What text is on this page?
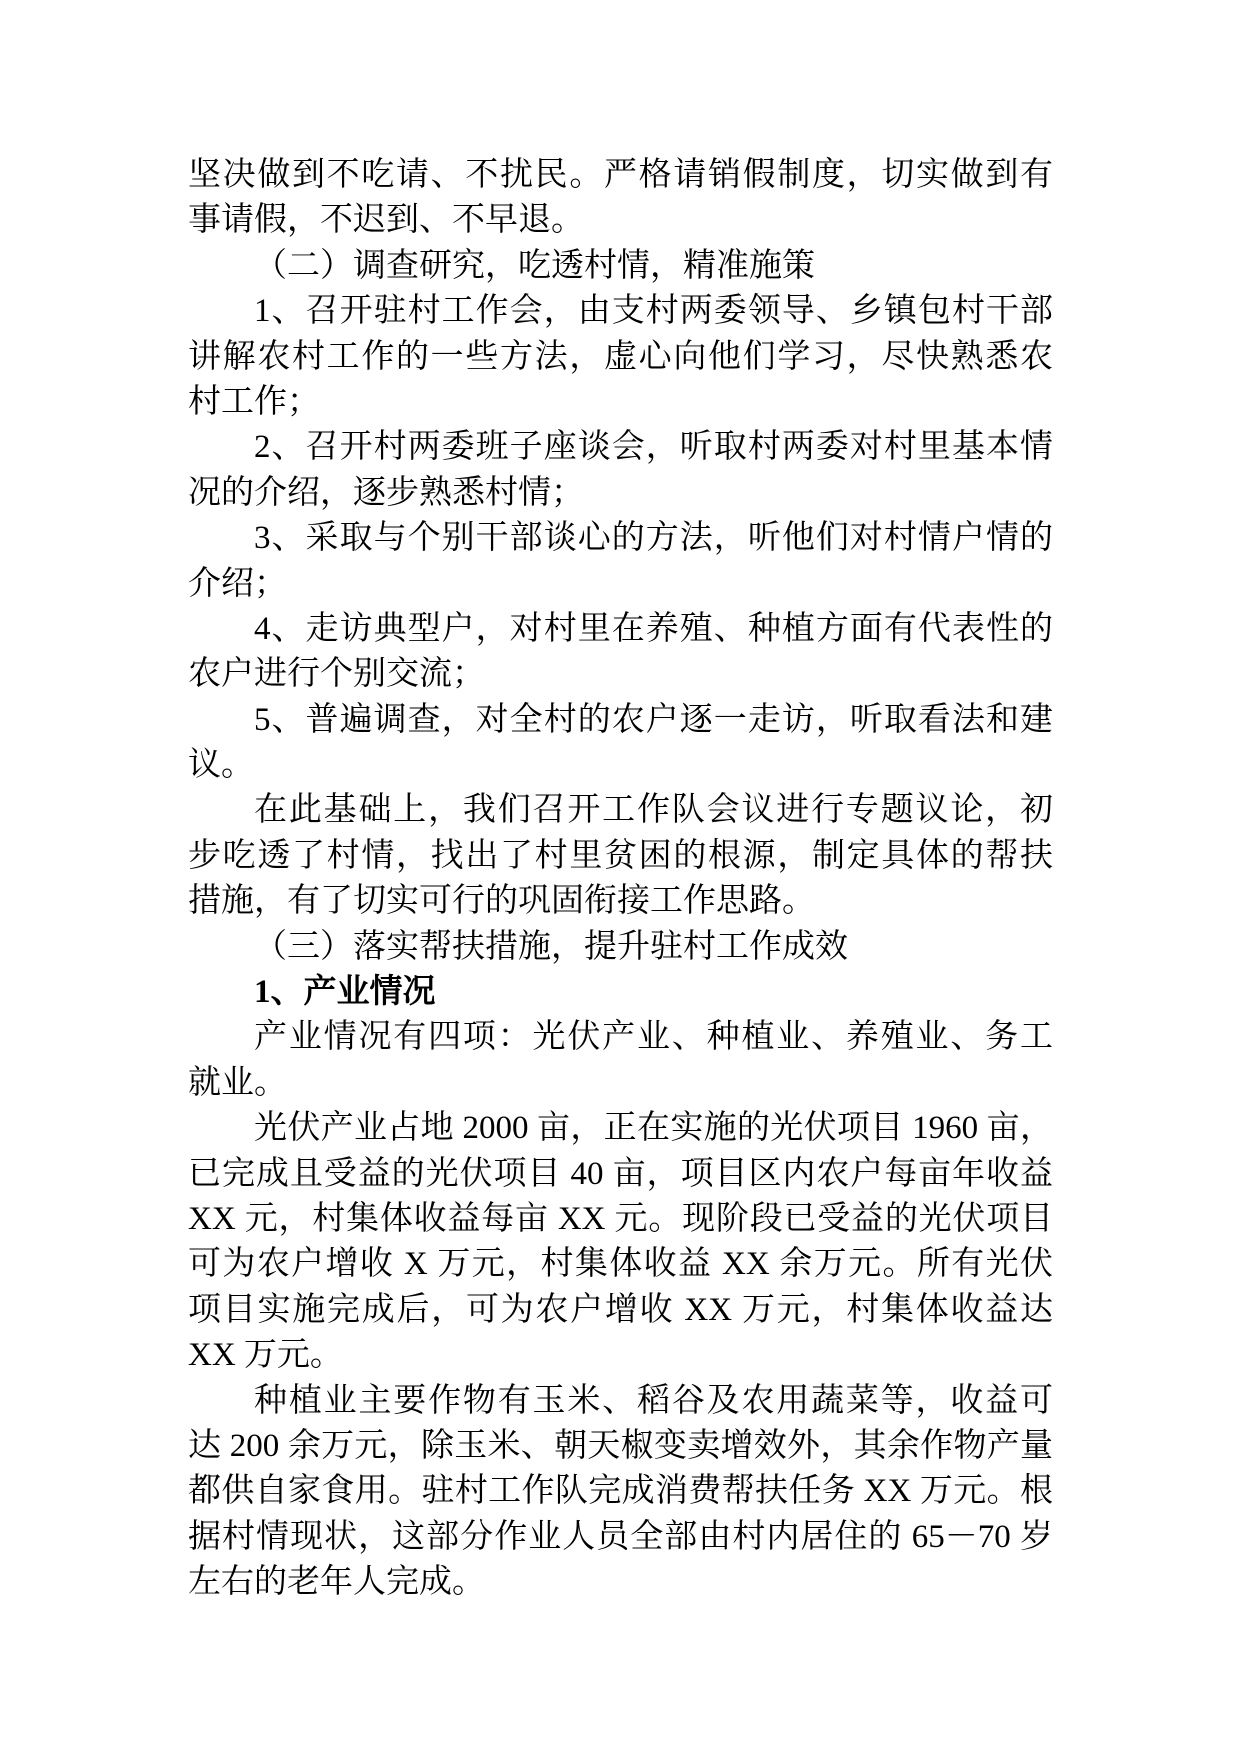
坚决做到不吃请、不扰民。严格请销假制度，切实做到有
事请假，不迟到、不早退。
（二）调查研究，吃透村情，精准施策
1、召开驻村工作会，由支村两委领导、乡镇包村干部
讲解农村工作的一些方法，虚心向他们学习，尽快熟悉农
村工作；
2、召开村两委班子座谈会，听取村两委对村里基本情
况的介绍，逐步熟悉村情；
3、采取与个别干部谈心的方法，听他们对村情户情的
介绍；
4、走访典型户，对村里在养殖、种植方面有代表性的
农户进行个别交流；
5、普遍调查，对全村的农户逐一走访，听取看法和建
议。
在此基础上，我们召开工作队会议进行专题议论，初
步吃透了村情，找出了村里贫困的根源，制定具体的帮扶
措施，有了切实可行的巩固衔接工作思路。
（三）落实帮扶措施，提升驻村工作成效
1、产业情况
产业情况有四项：光伏产业、种植业、养殖业、务工
就业。
光伏产业占地 2000 亩，正在实施的光伏项目 1960 亩，
已完成且受益的光伏项目 40 亩，项目区内农户每亩年收益
XX 元，村集体收益每亩 XX 元。现阶段已受益的光伏项目
可为农户增收 X 万元，村集体收益 XX 余万元。所有光伏
项目实施完成后，可为农户增收 XX 万元，村集体收益达
XX 万元。
种植业主要作物有玉米、稻谷及农用蔬菜等，收益可
达 200 余万元，除玉米、朝天椒变卖增效外，其余作物产量
都供自家食用。驻村工作队完成消费帮扶任务 XX 万元。根
据村情现状，这部分作业人员全部由村内居住的 65－70 岁
左右的老年人完成。
